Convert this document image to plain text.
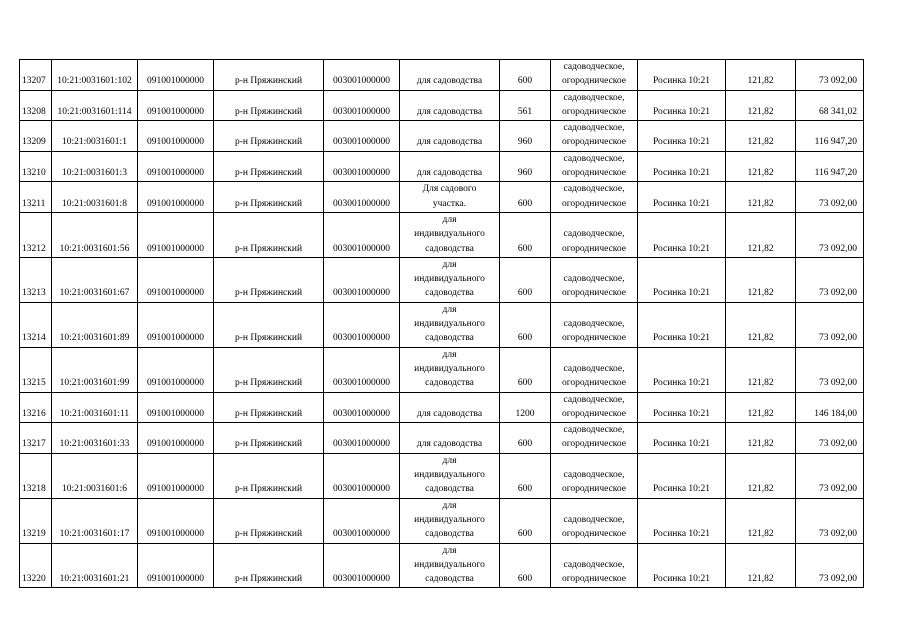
13207	10:21:0031601:102	091001000000	р-н Пряжинский	003001000000	для садоводства	600	садоводческое,
огородническое	Росинка 10:21	121,82	73 092,00
13208	10:21:0031601:114	091001000000	р-н Пряжинский	003001000000	для садоводства	561	садоводческое,
огородническое	Росинка 10:21	121,82	68 341,02
13209	10:21:0031601:1	091001000000	р-н Пряжинский	003001000000	для садоводства	960	садоводческое,
огородническое	Росинка 10:21	121,82	116 947,20
13210	10:21:0031601:3	091001000000	р-н Пряжинский	003001000000	для садоводства	960	садоводческое,
огородническое	Росинка 10:21	121,82	116 947,20
13211	10:21:0031601:8	091001000000	р-н Пряжинский	003001000000	Для садового
участка.	600	садоводческое,
огородническое	Росинка 10:21	121,82	73 092,00
13212	10:21:0031601:56	091001000000	р-н Пряжинский	003001000000	для
индивидуального
садоводства	600	садоводческое,
огородническое	Росинка 10:21	121,82	73 092,00
13213	10:21:0031601:67	091001000000	р-н Пряжинский	003001000000	для
индивидуального
садоводства	600	садоводческое,
огородническое	Росинка 10:21	121,82	73 092,00
13214	10:21:0031601:89	091001000000	р-н Пряжинский	003001000000	для
индивидуального
садоводства	600	садоводческое,
огородническое	Росинка 10:21	121,82	73 092,00
13215	10:21:0031601:99	091001000000	р-н Пряжинский	003001000000	для
индивидуального
садоводства	600	садоводческое,
огородническое	Росинка 10:21	121,82	73 092,00
13216	10:21:0031601:11	091001000000	р-н Пряжинский	003001000000	для садоводства	1200	садоводческое,
огородническое	Росинка 10:21	121,82	146 184,00
13217	10:21:0031601:33	091001000000	р-н Пряжинский	003001000000	для садоводства	600	садоводческое,
огородническое	Росинка 10:21	121,82	73 092,00
13218	10:21:0031601:6	091001000000	р-н Пряжинский	003001000000	для
индивидуального
садоводства	600	садоводческое,
огородническое	Росинка 10:21	121,82	73 092,00
13219	10:21:0031601:17	091001000000	р-н Пряжинский	003001000000	для
индивидуального
садоводства	600	садоводческое,
огородническое	Росинка 10:21	121,82	73 092,00
13220	10:21:0031601:21	091001000000	р-н Пряжинский	003001000000	для
индивидуального
садоводства	600	садоводческое,
огородническое	Росинка 10:21	121,82	73 092,00
